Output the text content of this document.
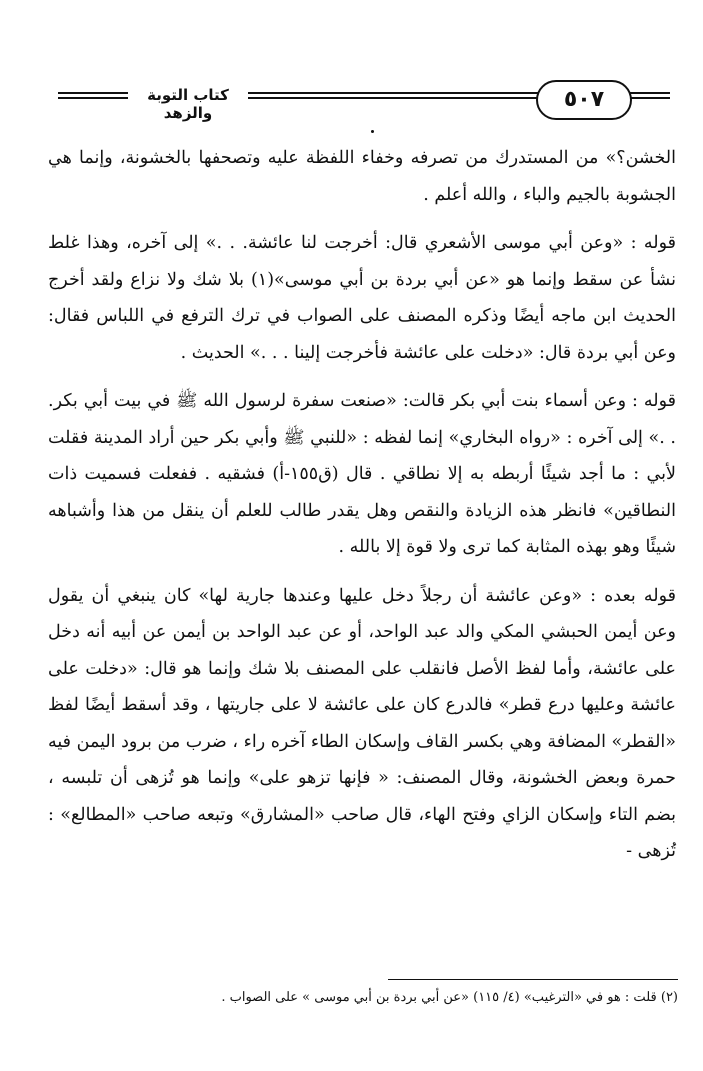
كتاب التوبة والزهد
٥٠٧

الخشن؟» من المستدرك من تصرفه وخفاء اللفظة عليه وتصحفها بالخشونة، وإنما هي الجشوبة بالجيم والباء ، والله أعلم .

قوله : «وعن أبي موسى الأشعري قال: أخرجت لنا عائشة. . .» إلى آخره، وهذا غلط نشأ عن سقط وإنما هو «عن أبي بردة بن أبي موسى»(١) بلا شك ولا نزاع ولقد أخرج الحديث ابن ماجه أيضًا وذكره المصنف على الصواب في ترك الترفع في اللباس فقال: وعن أبي بردة قال: «دخلت على عائشة فأخرجت إلينا . . .» الحديث .

قوله : وعن أسماء بنت أبي بكر قالت: «صنعت سفرة لرسول الله ﷺ في بيت أبي بكر. . .» إلى آخره : «رواه البخاري» إنما لفظه : «للنبي ﷺ وأبي بكر حين أراد المدينة فقلت لأبي : ما أجد شيئًا أربطه به إلا نطاقي . قال (ق١٥٥-أ) فشقيه . ففعلت فسميت ذات النطاقين» فانظر هذه الزيادة والنقص وهل يقدر طالب للعلم أن ينقل من هذا وأشباهه شيئًا وهو بهذه المثابة كما ترى ولا قوة إلا بالله .

قوله بعده : «وعن عائشة أن رجلاً دخل عليها وعندها جارية لها» كان ينبغي أن يقول وعن أيمن الحبشي المكي والد عبد الواحد، أو عن عبد الواحد بن أيمن عن أبيه أنه دخل على عائشة، وأما لفظ الأصل فانقلب على المصنف بلا شك وإنما هو قال: «دخلت على عائشة وعليها درع قطر» فالدرع كان على عائشة لا على جاريتها ، وقد أسقط أيضًا لفظ «القطر» المضافة وهي بكسر القاف وإسكان الطاء آخره راء ، ضرب من برود اليمن فيه حمرة وبعض الخشونة، وقال المصنف: « فإنها تزهو على» وإنما هو تُزهى أن تلبسه ، بضم التاء وإسكان الزاي وفتح الهاء، قال صاحب «المشارق» وتبعه صاحب «المطالع» : تُزهى -

(٢) قلت : هو في «الترغيب» (٤/ ١١٥) «عن أبي بردة بن أبي موسى » على الصواب .
